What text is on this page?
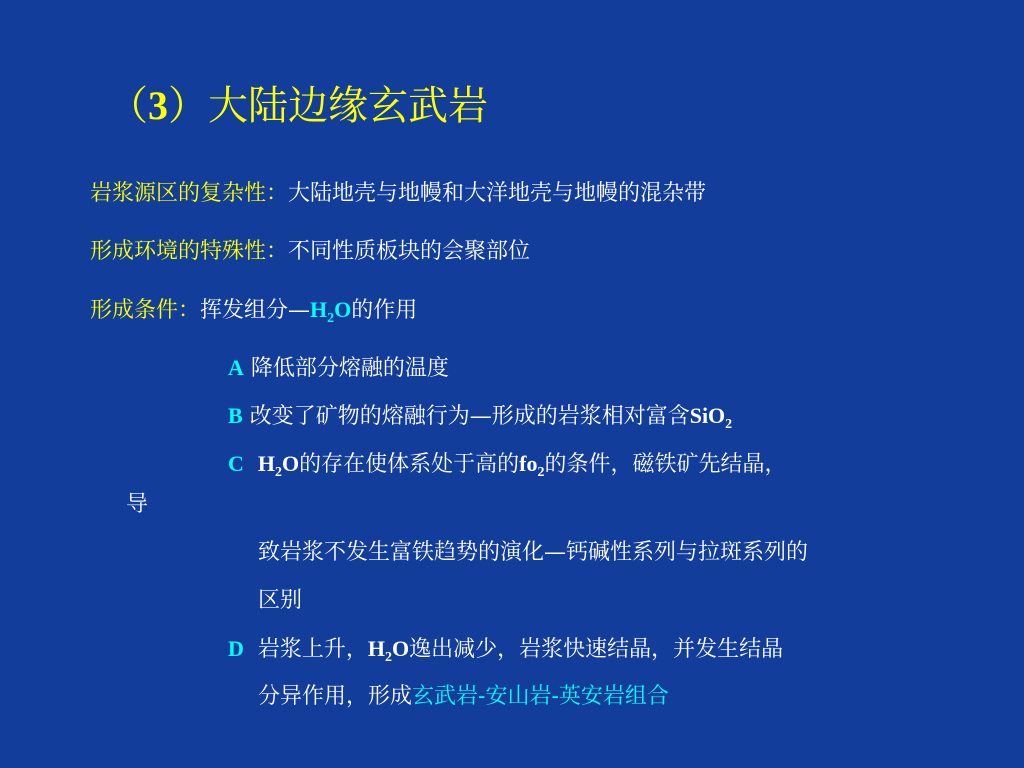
（3）大陆边缘玄武岩
岩浆源区的复杂性：大陆地壳与地幔和大洋地壳与地幔的混杂带
形成环境的特殊性：不同性质板块的会聚部位
形成条件：挥发组分$—H_2O$的作用
A 降低部分熔融的温度
B 改变了矿物的熔融行为—形成的岩浆相对富含SiO$_2$
C $H_2O$的存在使体系处于高的$fo_2$的条件，磁铁矿先结晶，
导
致岩浆不发生富铁趋势的演化—钙碱性系列与拉斑系列的
区别
D 岩浆上升，$H_2O$逸出减少，岩浆快速结晶，并发生结晶
分异作用，形成玄武岩-安山岩-英安岩组合
